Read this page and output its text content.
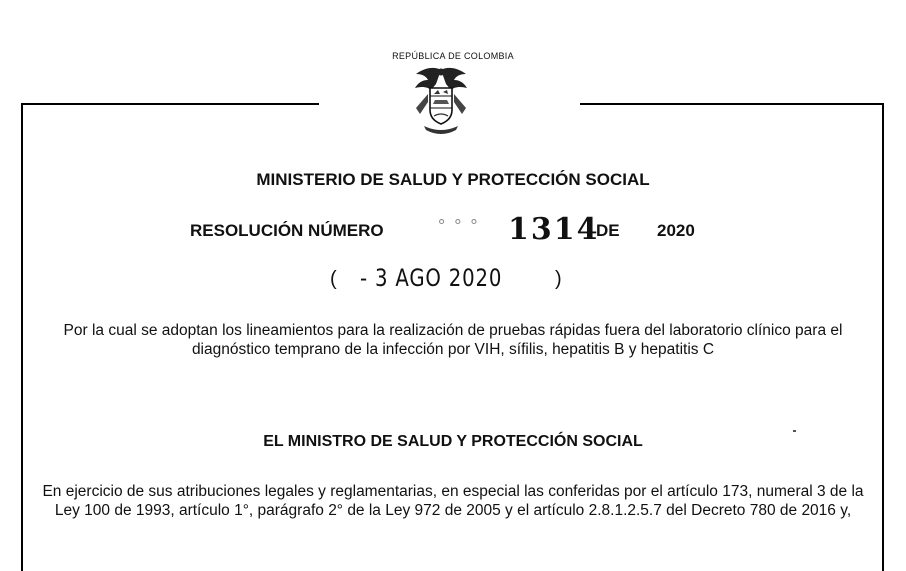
REPÚBLICA DE COLOMBIA
MINISTERIO DE SALUD Y PROTECCIÓN SOCIAL
RESOLUCIÓN NÚMERO	° ° ° 1314
DE 2020
( - 3 AGO 2020	)
Por la cual se adoptan los lineamientos para la realización de pruebas rápidas fuera del laboratorio clínico para el diagnóstico temprano de la infección por VIH, sífilis, hepatitis B y hepatitis C
EL MINISTRO DE SALUD Y PROTECCIÓN SOCIAL
En ejercicio de sus atribuciones legales y reglamentarias, en especial las conferidas por el artículo 173, numeral 3 de la Ley 100 de 1993, artículo 1°, parágrafo 2° de la Ley 972 de 2005 y el artículo 2.8.1.2.5.7 del Decreto 780 de 2016 y,
